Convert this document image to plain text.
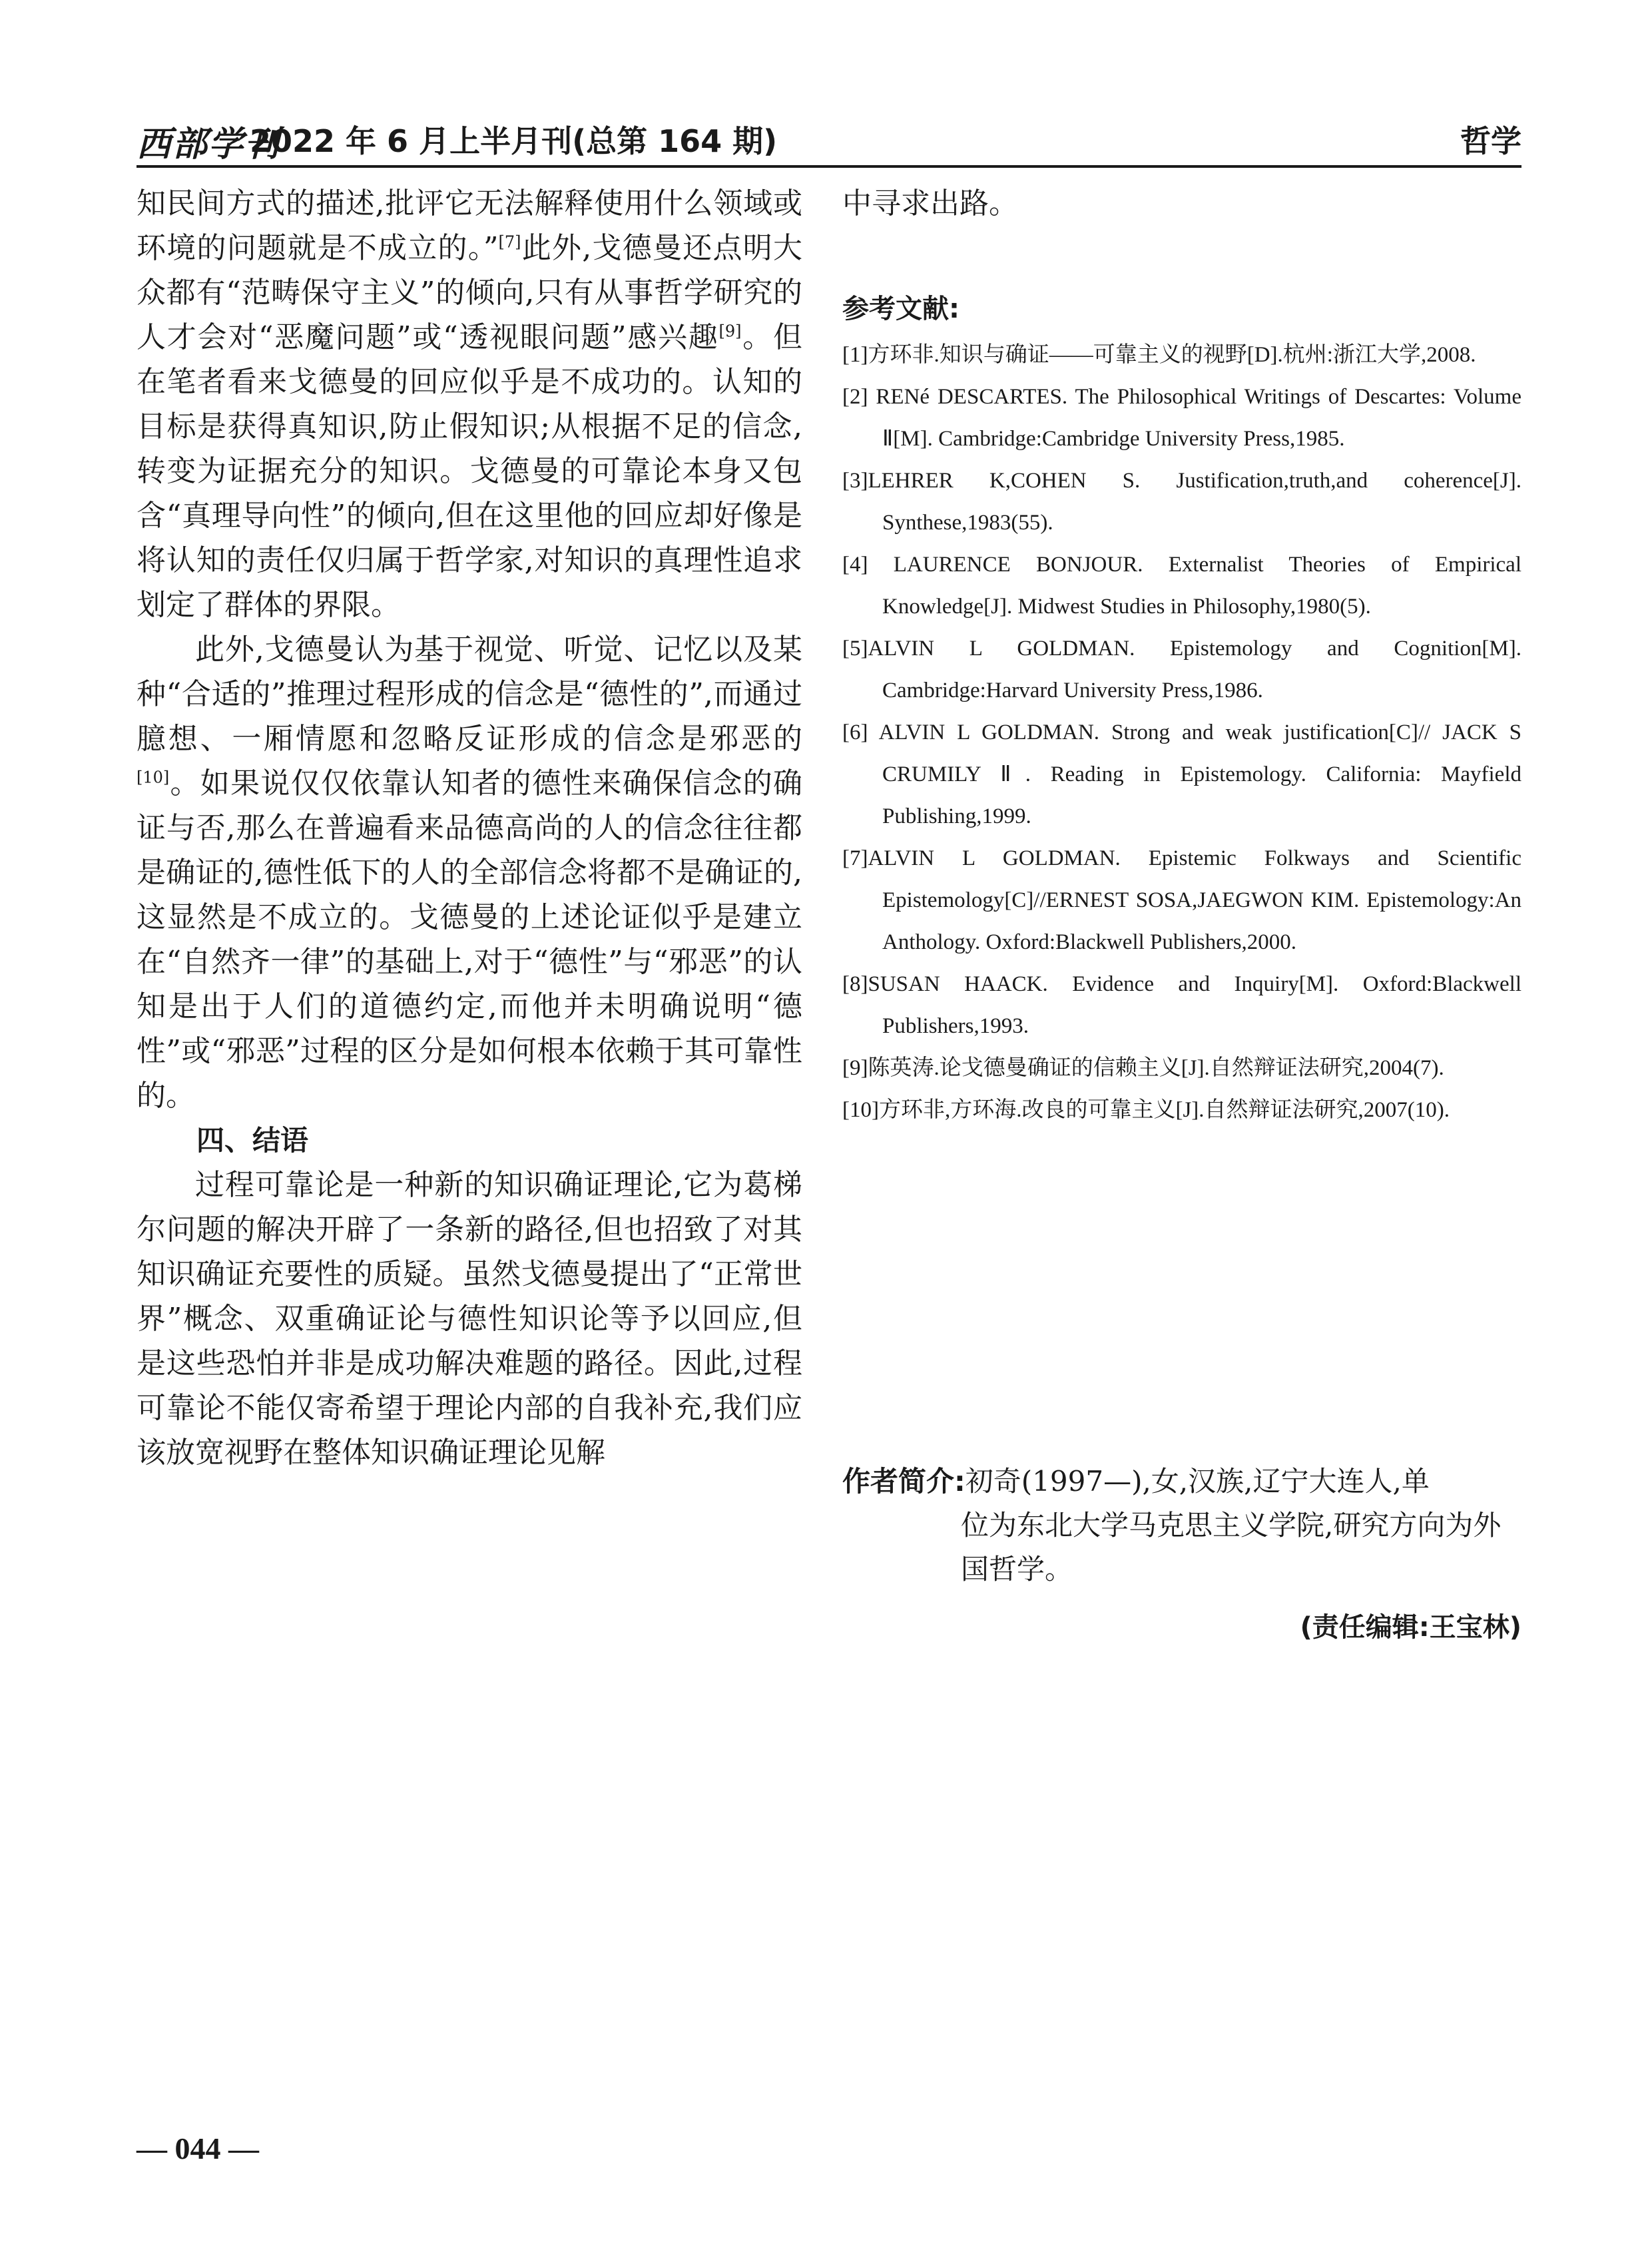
西部学刊
2022 年 6 月上半月刊(总第 164 期)	哲学

知民间方式的描述,批评它无法解释使用什么领域或环境的问题就是不成立的。”[7]此外,戈德曼还点明大众都有“范畴保守主义”的倾向,只有从事哲学研究的人才会对“恶魔问题”或“透视眼问题”感兴趣[9]。但在笔者看来戈德曼的回应似乎是不成功的。认知的目标是获得真知识,防止假知识;从根据不足的信念,转变为证据充分的知识。戈德曼的可靠论本身又包含“真理导向性”的倾向,但在这里他的回应却好像是将认知的责任仅归属于哲学家,对知识的真理性追求划定了群体的界限。

此外,戈德曼认为基于视觉、听觉、记忆以及某种“合适的”推理过程形成的信念是“德性的”,而通过臆想、一厢情愿和忽略反证形成的信念是邪恶的[10]。如果说仅仅依靠认知者的德性来确保信念的确证与否,那么在普遍看来品德高尚的人的信念往往都是确证的,德性低下的人的全部信念将都不是确证的,这显然是不成立的。戈德曼的上述论证似乎是建立在“自然齐一律”的基础上,对于“德性”与“邪恶”的认知是出于人们的道德约定,而他并未明确说明“德性”或“邪恶”过程的区分是如何根本依赖于其可靠性的。

四、结语

过程可靠论是一种新的知识确证理论,它为葛梯尔问题的解决开辟了一条新的路径,但也招致了对其知识确证充要性的质疑。虽然戈德曼提出了“正常世界”概念、双重确证论与德性知识论等予以回应,但是这些恐怕并非是成功解决难题的路径。因此,过程可靠论不能仅寄希望于理论内部的自我补充,我们应该放宽视野在整体知识确证理论见解

中寻求出路。

参考文献:

[1]方环非.知识与确证——可靠主义的视野[D].杭州:浙江大学,2008.
[2] RENé DESCARTES. The Philosophical Writings of Descartes: Volume Ⅱ[M]. Cambridge:Cambridge University Press,1985.
[3]LEHRER K,COHEN S. Justification,truth,and coherence[J]. Synthese,1983(55).
[4] LAURENCE BONJOUR. Externalist Theories of Empirical Knowledge[J]. Midwest Studies in Philosophy,1980(5).
[5]ALVIN L GOLDMAN. Epistemology and Cognition[M]. Cambridge:Harvard University Press,1986.
[6] ALVIN L GOLDMAN. Strong and weak justification[C]// JACK S CRUMILY Ⅱ. Reading in Epistemology. California: Mayfield Publishing,1999.
[7]ALVIN L GOLDMAN. Epistemic Folkways and Scientific Epistemology[C]//ERNEST SOSA,JAEGWON KIM. Epistemology:An Anthology. Oxford:Blackwell Publishers,2000.
[8]SUSAN HAACK. Evidence and Inquiry[M]. Oxford:Blackwell Publishers,1993.
[9]陈英涛.论戈德曼确证的信赖主义[J].自然辩证法研究,2004(7).
[10]方环非,方环海.改良的可靠主义[J].自然辩证法研究,2007(10).
作者简介:初奇(1997—),女,汉族,辽宁大连人,单
位为东北大学马克思主义学院,研究方向为外国哲学。
(责任编辑:王宝林)
— 044 —
